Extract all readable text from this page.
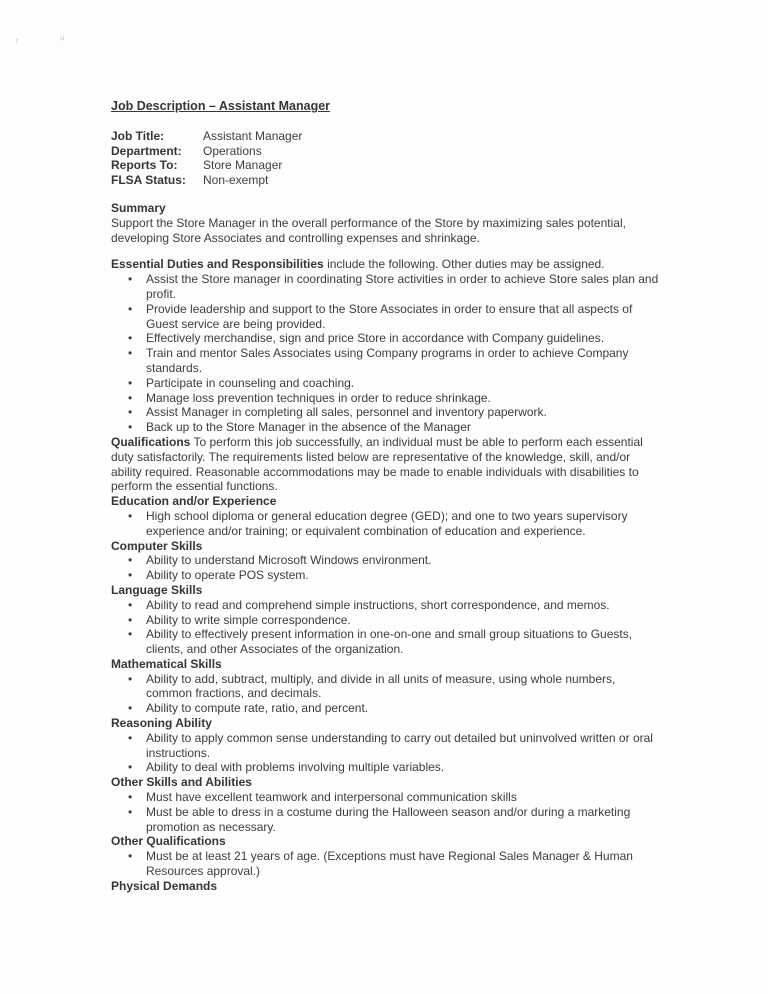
r	u
Job Description – Assistant Manager
Job Title:	Assistant Manager
Department:	Operations
Reports To:	Store Manager
FLSA Status:	Non-exempt
Summary

Support the Store Manager in the overall performance of the Store by maximizing sales potential, developing Store Associates and controlling expenses and shrinkage.

Essential Duties and Responsibilities include the following. Other duties may be assigned.

• Assist the Store manager in coordinating Store activities in order to achieve Store sales plan and profit.
• Provide leadership and support to the Store Associates in order to ensure that all aspects of Guest service are being provided.
• Effectively merchandise, sign and price Store in accordance with Company guidelines.
• Train and mentor Sales Associates using Company programs in order to achieve Company standards.
• Participate in counseling and coaching.
• Manage loss prevention techniques in order to reduce shrinkage.
• Assist Manager in completing all sales, personnel and inventory paperwork.
• Back up to the Store Manager in the absence of the Manager

Qualifications To perform this job successfully, an individual must be able to perform each essential duty satisfactorily. The requirements listed below are representative of the knowledge, skill, and/or ability required. Reasonable accommodations may be made to enable individuals with disabilities to perform the essential functions.

Education and/or Experience
• High school diploma or general education degree (GED); and one to two years supervisory experience and/or training; or equivalent combination of education and experience.
Computer Skills
• Ability to understand Microsoft Windows environment.
• Ability to operate POS system.
Language Skills
• Ability to read and comprehend simple instructions, short correspondence, and memos.
• Ability to write simple correspondence.
• Ability to effectively present information in one-on-one and small group situations to Guests, clients, and other Associates of the organization.
Mathematical Skills
• Ability to add, subtract, multiply, and divide in all units of measure, using whole numbers, common fractions, and decimals.
• Ability to compute rate, ratio, and percent.
Reasoning Ability
• Ability to apply common sense understanding to carry out detailed but uninvolved written or oral instructions.
• Ability to deal with problems involving multiple variables.
Other Skills and Abilities
• Must have excellent teamwork and interpersonal communication skills
• Must be able to dress in a costume during the Halloween season and/or during a marketing promotion as necessary.
Other Qualifications
• Must be at least 21 years of age. (Exceptions must have Regional Sales Manager & Human Resources approval.)
Physical Demands
